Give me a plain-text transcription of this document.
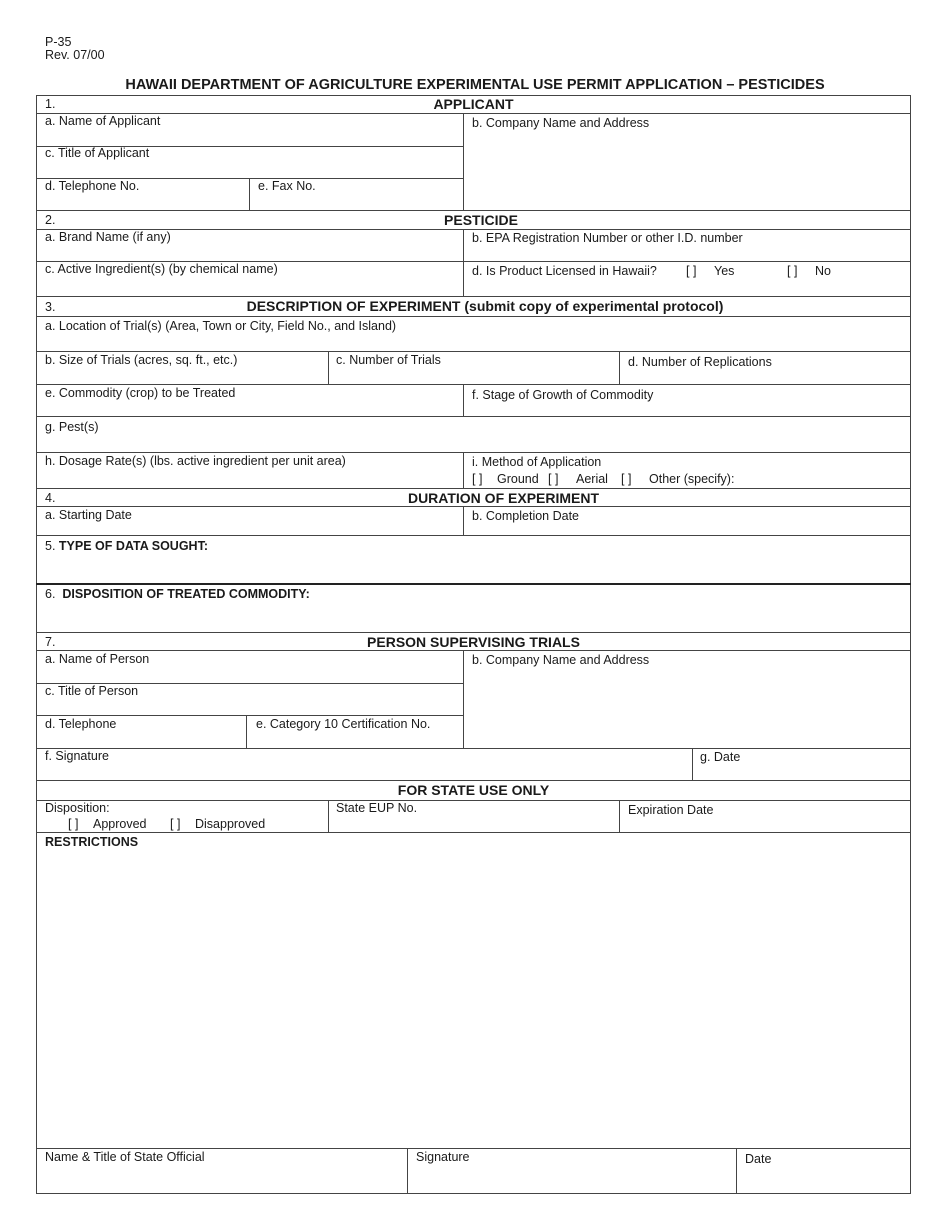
P-35
Rev. 07/00
HAWAII DEPARTMENT OF AGRICULTURE EXPERIMENTAL USE PERMIT APPLICATION – PESTICIDES
1.	APPLICANT
a. Name of Applicant	b. Company Name and Address
c. Title of Applicant
d. Telephone No.	e. Fax No.
2.	PESTICIDE
a. Brand Name (if any)	b. EPA Registration Number or other I.D. number
c. Active Ingredient(s) (by chemical name)	d. Is Product Licensed in Hawaii? [ ] Yes	[ ] No
3.	DESCRIPTION OF EXPERIMENT (submit copy of experimental protocol)
a. Location of Trial(s) (Area, Town or City, Field No., and Island)
b. Size of Trials (acres, sq. ft., etc.)	c. Number of Trials	d. Number of Replications
e. Commodity (crop) to be Treated	f. Stage of Growth of Commodity
g. Pest(s)
h. Dosage Rate(s) (lbs. active ingredient per unit area)	i. Method of Application
[ ] Ground [ ] Aerial [ ] Other (specify):
4.	DURATION OF EXPERIMENT
a. Starting Date	b. Completion Date
5. TYPE OF DATA SOUGHT:
6. DISPOSITION OF TREATED COMMODITY:
7.	PERSON SUPERVISING TRIALS
a. Name of Person	b. Company Name and Address
c. Title of Person
d. Telephone	e. Category 10 Certification No.
f. Signature	g. Date
FOR STATE USE ONLY
Disposition:
[ ] Approved [ ] Disapproved
State EUP No.	Expiration Date
RESTRICTIONS
Name & Title of State Official	Signature	Date
